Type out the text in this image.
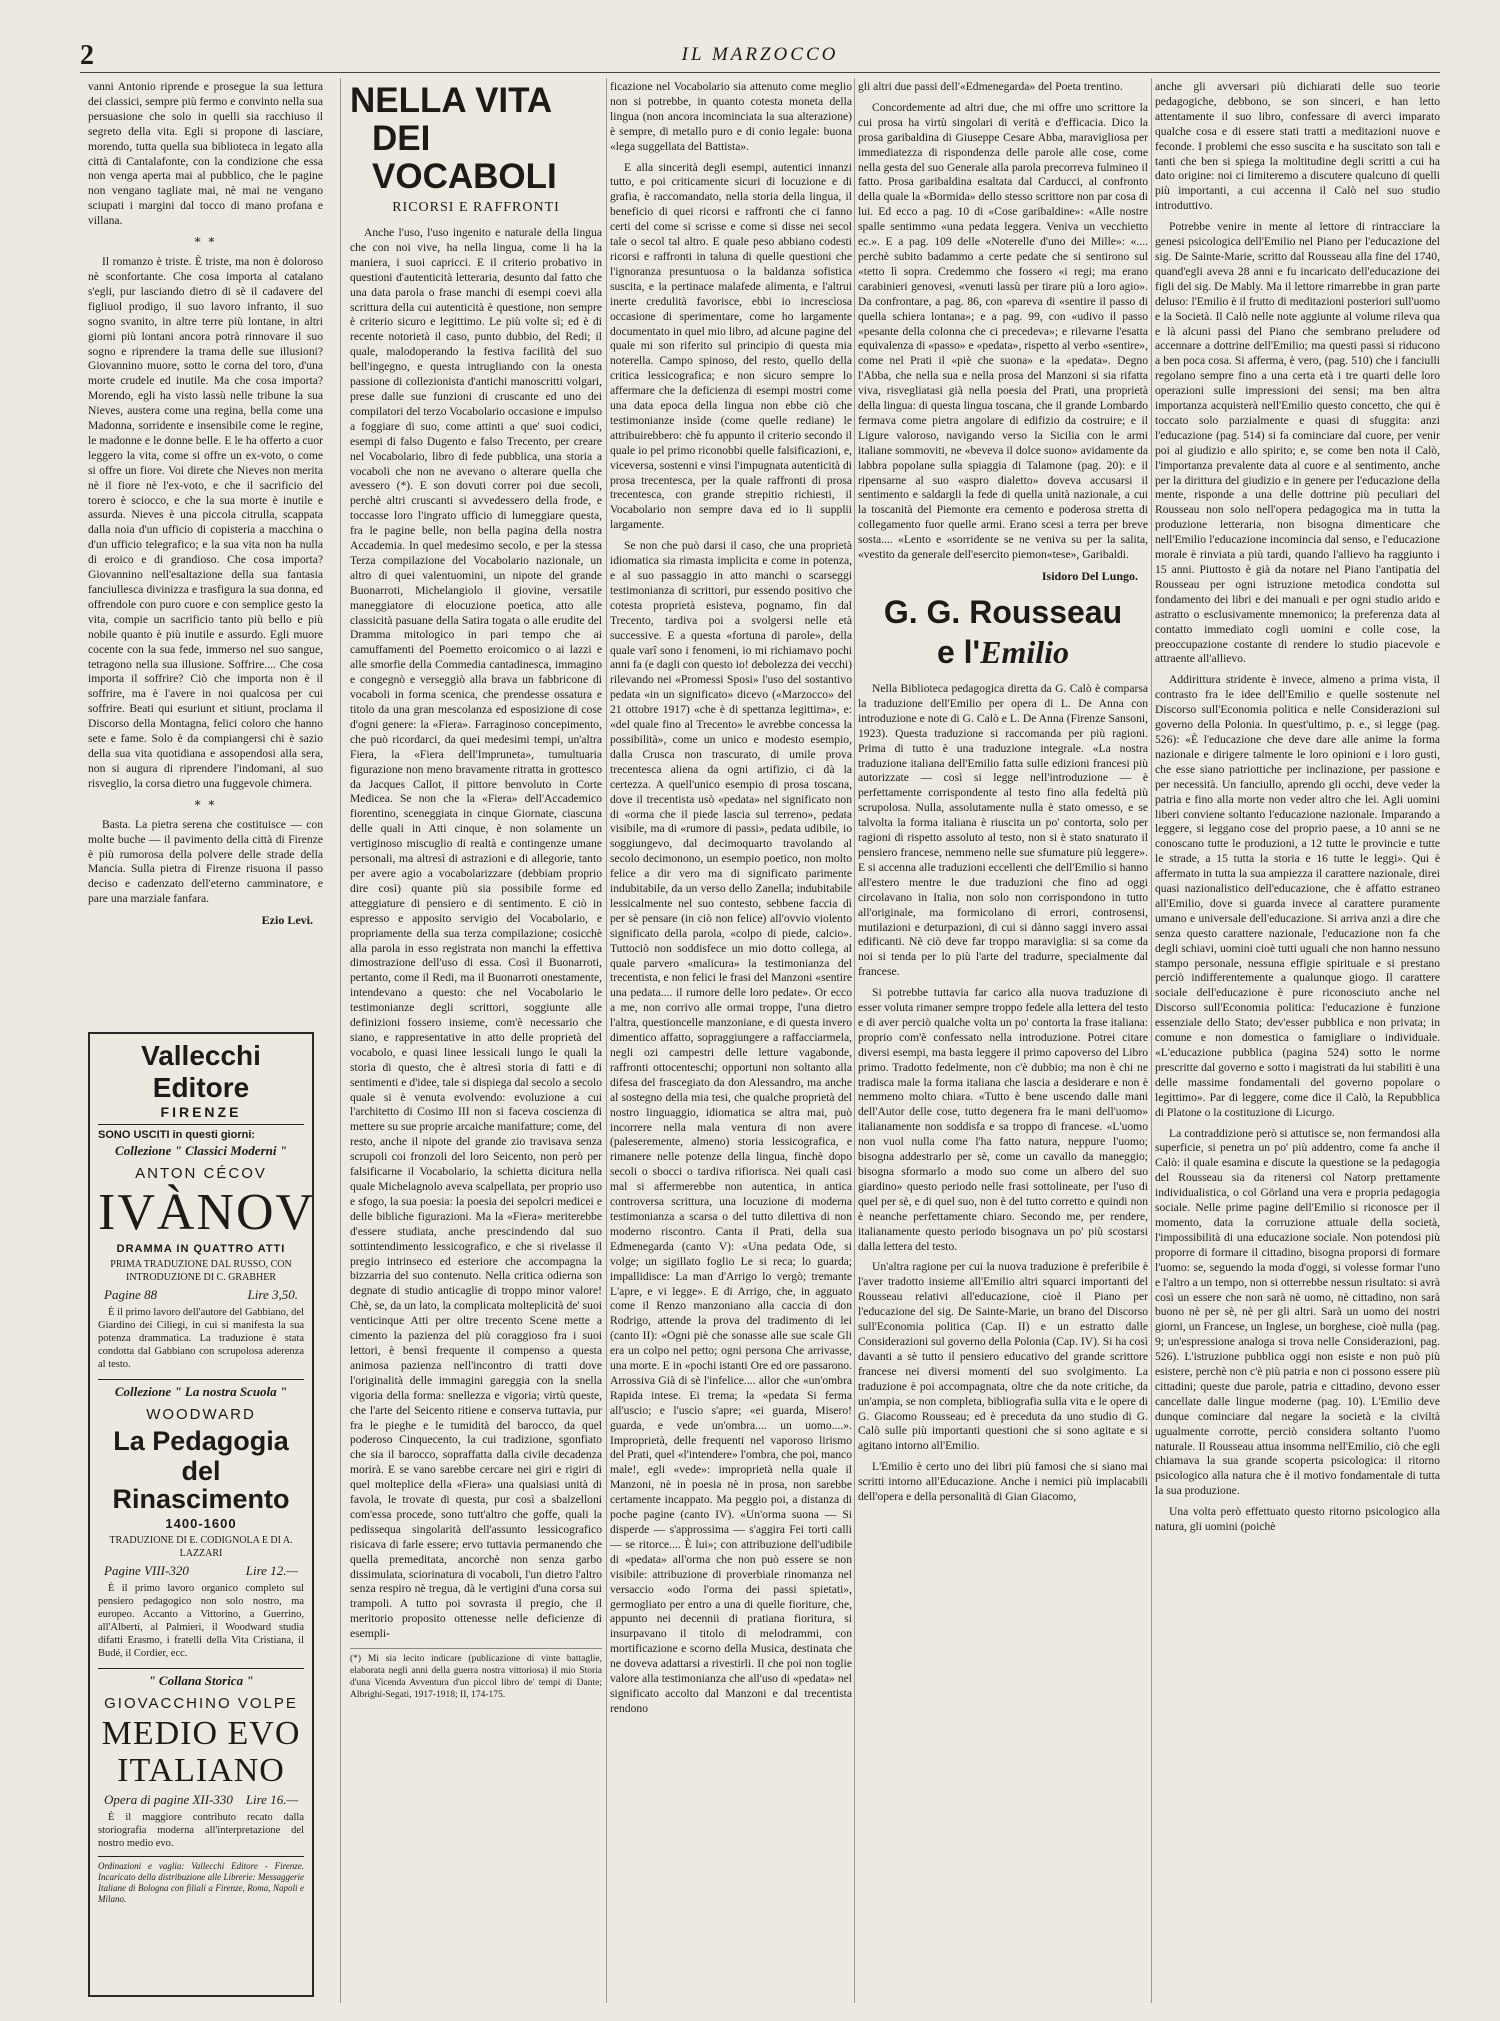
2	IL MARZOCCO

vanni Antonio riprende e prosegue la sua lettura dei classici, sempre più fermo e convinto nella sua persuasione che solo in quelli sia racchiuso il segreto della vita. Egli si propone di lasciare, morendo, tutta quella sua biblioteca in legato alla città di Cantalafonte, con la condizione che essa non venga aperta mai al pubblico, che le pagine non vengano tagliate mai, nè mai ne vengano sciupati i margini dal tocco di mano profana e villana.

* *

Il romanzo è triste. È triste, ma non è doloroso nè sconfortante. Che cosa importa al catalano s'egli, pur lasciando dietro di sè il cadavere del figliuol prodigo, il suo lavoro infranto, il suo sogno svanito, in altre terre più lontane, in altri giorni più lontani ancora potrà rinnovare il suo sogno e riprendere la trama delle sue illusioni? Giovannino muore, sotto le corna del toro, d'una morte crudele ed inutile. Ma che cosa importa? Morendo, egli ha visto lassù nelle tribune la sua Nieves, austera come una regina, bella come una Madonna, sorridente e insensibile come le regine, le madonne e le donne belle. E le ha offerto a cuor leggero la vita, come si offre un ex-voto, o come si offre un fiore. Voi direte che Nieves non merita nè il fiore nè l'ex-voto, e che il sacrificio del torero è sciocco, e che la sua morte è inutile e assurda. Nieves è una piccola citrulla, scappata dalla noia d'un ufficio di copisteria a macchina o d'un ufficio telegrafico; e la sua vita non ha nulla di eroico e di grandioso. Che cosa importa? Giovannino nell'esaltazione della sua fantasia fanciullesca divinizza e trasfigura la sua donna, ed offrendole con puro cuore e con semplice gesto la vita, compie un sacrificio tanto più bello e più nobile quanto è più inutile e assurdo. Egli muore cocente con la sua fede, immerso nel suo sangue, tetragono nella sua illusione. Soffrire.... Che cosa importa il soffrire? Ciò che importa non è il soffrire, ma è l'avere in noi qualcosa per cui soffrire. Beati qui esuriunt et sitiunt, proclama il Discorso della Montagna, felici coloro che hanno sete e fame. Solo è da compiangersi chi è sazio della sua vita quotidiana e assopendosi alla sera, non si augura di riprendere l'indomani, al suo risveglio, la corsa dietro una fuggevole chimera.

* *

Basta. La pietra serena che costituisce — con molte buche — il pavimento della città di Firenze è più rumorosa della polvere delle strade della Mancia. Sulla pietra di Firenze risuona il passo deciso e cadenzato dell'eterno camminatore, e pare una marziale fanfara.

Ezio Levi.
Vallecchi Editore
FIRENZE
SONO USCITI in questi giorni:
Collezione " Classici Moderni "
ANTON CÉCOV
IVÀNOV
DRAMMA IN QUATTRO ATTI
PRIMA TRADUZIONE DAL RUSSO, CON INTRODUZIONE DI C. GRABHER
Pagine 88	Lire 3,50.
È il primo lavoro dell'autore del Gabbiano, del Giardino dei Ciliegi, in cui si manifesta la sua potenza drammatica. La traduzione è stata condotta dal Gabbiano con scrupolosa aderenza al testo.
Collezione " La nostra Scuola "
WOODWARD
La Pedagogia
del Rinascimento
1400-1600
TRADUZIONE DI E. CODIGNOLA E DI A. LAZZARI
Pagine VIII-320	Lire 12.—
È il primo lavoro organico completo sul pensiero pedagogico non solo nostro, ma europeo. Accanto a Vittorino, a Guerrino, all'Alberti, al Palmieri, il Woodward studia difatti Erasmo, i fratelli della Vita Cristiana, il Budé, il Cordier, ecc.
" Collana Storica "
GIOVACCHINO VOLPE
MEDIO EVO
ITALIANO
Opera di pagine XII-330 Lire 16.—
È il maggiore contributo recato dalla storiografia moderna all'interpretazione del nostro medio evo.
Ordinazioni e vaglia: Vallecchi Editore - Firenze. Incaricato della distribuzione alle Librerie: Messaggerie Italiane di Bologna con filiali a Firenze, Roma, Napoli e Milano.
NELLA VITA
DEI VOCABOLI
RICORSI E RAFFRONTI

Anche l'uso, l'uso ingenito e naturale della lingua che con noi vive, ha nella lingua, come li ha la maniera, i suoi capricci. E il criterio probativo in questioni d'autenticità letteraria, desunto dal fatto che una data parola o frase manchi di esempi coevi alla scrittura della cui autenticità è questione, non sempre è criterio sicuro e legittimo. Le più volte sì; ed è di recente notorietà il caso, punto dubbio, del Redi; il quale, malodoperando la festiva facilità del suo bell'ingegno, e questa intrugliando con la onesta passione di collezionista d'antichi manoscritti volgari, prese dalle sue funzioni di cruscante ed uno dei compilatori del terzo Vocabolario occasione e impulso a foggiare di suo, come attinti a que' suoi codici, esempi di falso Dugento e falso Trecento, per creare nel Vocabolario, libro di fede pubblica, una storia a vocaboli che non ne avevano o alterare quella che avessero (*). E son dovuti correr poi due secoli, perchè altri cruscanti si avvedessero della frode, e toccasse loro l'ingrato ufficio di lumeggiare questa, fra le pagine belle, non bella pagina della nostra Accademia. In quel medesimo secolo, e per la stessa Terza compilazione del Vocabolario nazionale, un altro di quei valentuomini, un nipote del grande Buonarroti, Michelangiolo il giovine, versatile maneggiatore di elocuzione poetica, atto alle classicità pasuane della Satira togata o alle erudite del Dramma mitologico in pari tempo che ai camuffamenti del Poemetto eroicomico o ai lazzi e alle smorfie della Commedia cantadinesca, immagino e congegnò e verseggiò alla brava un fabbricone di vocaboli in forma scenica, che prendesse ossatura e titolo da una gran mescolanza ed esposizione di cose d'ogni genere: la «Fiera». Farraginoso concepimento, che può ricordarci, da quei medesimi tempi, un'altra Fiera, la «Fiera dell'Impruneta», tumultuaria figurazione non meno bravamente ritratta in grottesco da Jacques Callot, il pittore benvoluto in Corte Medicea. Se non che la «Fiera» dell'Accademico fiorentino, sceneggiata in cinque Giornate, ciascuna delle quali in Atti cinque, è non solamente un vertiginoso miscuglio di realtà e contingenze umane personali, ma altresì di astrazioni e di allegorie, tanto per avere agio a vocabolarizzare (debbiam proprio dire così) quante più sia possibile forme ed atteggiature di pensiero e di sentimento. E ciò in espresso e apposito servigio del Vocabolario, e propriamente della sua terza compilazione; cosicchè alla parola in esso registrata non manchi la effettiva dimostrazione dell'uso di essa. Così il Buonarroti, pertanto, come il Redi, ma il Buonarroti onestamente, intendevano a questo: che nel Vocabolario le testimonianze degli scrittori, soggiunte alle definizioni fossero insieme, com'è necessario che siano, e rappresentative in atto delle proprietà del vocabolo, e quasi linee lessicali lungo le quali la storia di questo, che è altresì storia di fatti e di sentimenti e d'idee, tale si dispiega dal secolo a secolo quale si è venuta evolvendo: evoluzione a cui l'architetto di Cosimo III non si faceva coscienza di mettere su sue proprie arcaiche manifatture; come, del resto, anche il nipote del grande zio travisava senza scrupoli coi fronzoli del loro Seicento, non però per falsificarne il Vocabolario, la schietta dicitura nella quale Michelagnolo aveva scalpellata, per proprio uso e sfogo, la sua poesia: la poesia dei sepolcri medicei e delle bibliche figurazioni. Ma la «Fiera» meriterebbe d'essere studiata, anche prescindendo dal suo sottintendimento lessicografico, e che si rivelasse il pregio intrinseco ed esteriore che accompagna la bizzarria del suo contenuto. Nella critica odierna son degnate di studio anticaglie di troppo minor valore! Chè, se, da un lato, la complicata molteplicità de' suoi venticinque Atti per oltre trecento Scene mette a cimento la pazienza del più coraggioso fra i suoi lettori, è bensì frequente il compenso a questa animosa pazienza nell'incontro di tratti dove l'originalità delle immagini gareggia con la snella vigoria della forma: snellezza e vigoria; virtù queste, che l'arte del Seicento ritiene e conserva tuttavia, pur fra le pieghe e le tumidità del barocco, da quel poderoso Cinquecento, la cui tradizione, sgonfiato che sia il barocco, sopraffatta dalla civile decadenza morirà. E se vano sarebbe cercare nei giri e rigiri di quel molteplice della «Fiera» una qualsiasi unità di favola, le trovate di questa, pur così a sbalzelloni com'essa procede, sono tutt'altro che goffe, quali la pedissequa singolarità dell'assunto lessicografico risicava di farle essere; ervo tuttavia permanendo che quella premeditata, ancorchè non senza garbo dissimulata, sciorinatura di vocaboli, l'un dietro l'altro senza respiro nè tregua, dà le vertigini d'una corsa sui trampoli. A tutto poi sovrasta il pregio, che il meritorio proposito ottenesse nelle deficienze di esempli-

(*) Mi sia lecito indicare (publicazione di vinte battaglie, elaborata negli anni della guerra nostra vittoriosa) il mio Storia d'una Vicenda Avventura d'un piccol libro de' tempi di Dante; Albrighi-Segati, 1917-1918; II, 174-175.

ficazione nel Vocabolario sia attenuto come meglio non si potrebbe, in quanto cotesta moneta della lingua (non ancora incominciata la sua alterazione) è sempre, di metallo puro e di conio legale: buona «lega suggellata del Battista».

E alla sincerità degli esempi, autentici innanzi tutto, e poi criticamente sicuri di locuzione e di grafia, è raccomandato, nella storia della lingua, il beneficio di quei ricorsi e raffronti che ci fanno certi del come si scrisse e come si disse nei secol tale o secol tal altro. E quale peso abbiano codesti ricorsi e raffronti in taluna di quelle questioni che l'ignoranza presuntuosa o la baldanza sofistica suscita, e la pertinace malafede alimenta, e l'altrui inerte credulità favorisce, ebbi io increscìosa occasione di sperimentare, come ho largamente documentato in quel mio libro, ad alcune pagine del quale mi son riferito sul principio di questa mia noterella. Campo spinoso, del resto, quello della critica lessicografica; e non sicuro sempre lo affermare che la deficienza di esempi mostri come una data epoca della lingua non ebbe ciò che testimonianze insìde (come quelle rediane) le attribuirebbero: chè fu appunto il criterio secondo il quale io pel primo riconobbi quelle falsificazioni, e, viceversa, sostenni e vinsi l'impugnata autenticità di prosa trecentesca, per la quale raffronti di prosa trecentesca, con grande strepitio richiesti, il Vocabolario non sempre dava ed io li supplii largamente.

Se non che può darsi il caso, che una proprietà idiomatica sia rimasta implicita e come in potenza, e al suo passaggio in atto manchi o scarseggi testimonianza di scrittori, pur essendo positivo che cotesta proprietà esisteva, pognamo, fin dal Trecento, tardiva poi a svolgersi nelle età successive. E a questa «fortuna di parole», della quale varî sono i fenomeni, io mi richiamavo pochi anni fa (e dagli con questo io! debolezza dei vecchi) rilevando nei «Promessi Sposi» l'uso del sostantivo pedata «in un significato» dicevo («Marzocco» del 21 ottobre 1917) «che è di spettanza legittima», e: «del quale fino al Trecento» le avrebbe concessa la possibilità», come un unico e modesto esempio, dalla Crusca non trascurato, di umile prova trecentesca aliena da ogni artifizio, ci dà la certezza. A quell'unico esempio di prosa toscana, dove il trecentista usò «pedata» nel significato non di «orma che il piede lascia sul terreno», pedata visibile, ma di «rumore di passi», pedata udibile, io soggiungevo, dal decimoquarto travolando al secolo decimonono, un esempio poetico, non molto felice a dir vero ma di significato parimente indubitabile, da un verso dello Zanella; indubitabile lessicalmente nel suo contesto, sebbene faccia dì per sè pensare (in ciò non felice) all'ovvio violento significato della parola, «colpo di piede, calcio». Tuttociò non soddisfece un mio dotto collega, al quale parvero «malicura» la testimonianza del trecentista, e non felici le frasi del Manzoni «sentire una pedata.... il rumore delle loro pedate». Or ecco a me, non corrivo alle ormai troppe, l'una dietro l'altra, questioncelle manzoniane, e di questa invero dimentico affatto, sopraggiungere a raffacciarmela, negli ozi campestri delle letture vagabonde, raffronti ottocenteschi; opportuni non soltanto alla difesa del frascegiato da don Alessandro, ma anche al sostegno della mia tesi, che qualche proprietà del nostro linguaggio, idiomatica se altra mai, può incorrere nella mala ventura di non avere (paleseremente, almeno) storia lessicografica, e rimanere nelle potenze della lingua, finchè dopo secoli o sbocci o tardiva rifiorisca. Nei quali casi mal si affermerebbe non autentica, in antica controversa scrittura, una locuzione di moderna testimonianza a scarsa o del tutto dilettiva di non moderno riscontro. Canta il Prati, della sua Edmenegarda (canto V): «Una pedata Ode, si volge; un sigillato foglio Le si reca; lo guarda; impallidisce: La man d'Arrigo lo vergò; tremante L'apre, e vi legge». E di Arrigo, che, in agguato come il Renzo manzoniano alla caccia di don Rodrigo, attende la prova del tradimento di lei (canto II): «Ogni piè che sonasse alle sue scale Gli era un colpo nel petto; ogni persona Che arrivasse, una morte. E in «pochi istanti Ore ed ore passarono. Arrossiva Già di sè l'infelice.... allor che «un'ombra Rapida intese. Ei trema; la «pedata Si ferma all'uscio; e l'uscio s'apre; «ei guarda, Misero! guarda, e vede un'ombra.... un uomo....». Improprietà, delle frequenti nel vaporoso lirismo del Prati, quel «l'intendere» l'ombra, che poi, manco male!, egli «vede»: improprietà nella quale il Manzoni, nè in poesia nè in prosa, non sarebbe certamente incappato. Ma peggio poi, a distanza di poche pagine (canto IV). «Un'orma suona — Si disperde — s'approssima — s'aggira Fei torti calli — se ritorce.... È lui»; con attribuzione dell'udibile di «pedata» all'orma che non può essere se non visibile: attribuzione di proverbiale rinomanza nel versaccio «odo l'orma dei passi spietati», germogliato per entro a una di quelle fioriture, che, appunto nei decennii di pratiana fioritura, si insurpavano il titolo di melodrammi, con mortificazione e scorno della Musica, destinata che ne doveva adattarsi a rivestirli. Il che poi non toglie valore alla testimonianza che all'uso di «pedata» nel significato accolto dal Manzoni e dal trecentista rendono

gli altri due passi dell'«Edmenegarda» del Poeta trentino.

Concordemente ad altri due, che mi offre uno scrittore la cui prosa ha virtù singolari di verità e d'efficacia. Dico la prosa garibaldina di Giuseppe Cesare Abba, maravigliosa per immediatezza di rispondenza delle parole alle cose, come nella gesta del suo Generale alla parola precorreva fulmineo il fatto. Prosa garibaldina esaltata dal Carducci, al confronto della quale la «Bormida» dello stesso scrittore non par cosa di lui. Ed ecco a pag. 10 di «Cose garibaldine»: «Alle nostre spalle sentimmo «una pedata leggera. Veniva un vecchietto ec.». E a pag. 109 delle «Noterelle d'uno dei Mille»: «.... perchè subito badammo a certe pedate che si sentirono sul «tetto lì sopra. Credemmo che fossero «i regi; ma erano carabinieri genovesi, «venuti lassù per tirare più a loro agio». Da confrontare, a pag. 86, con «pareva di «sentire il passo di quella schiera lontana»; e a pag. 99, con «udivo il passo «pesante della colonna che ci precedeva»; e rilevarne l'esatta equivalenza di «passo» e «pedata», rispetto al verbo «sentire», come nel Prati il «piè che suona» e la «pedata». Degno l'Abba, che nella sua e nella prosa del Manzoni si sia rifatta viva, risvegliatasi già nella poesia del Prati, una proprietà della lingua: di questa lingua toscana, che il grande Lombardo fermava come pietra angolare di edifizio da costruire; e il Ligure valoroso, navigando verso la Sicilia con le armi italiane sommoviti, ne «beveva il dolce suono» avidamente da labbra popolane sulla spiaggia di Talamone (pag. 20): e il ripensarne al suo «aspro dialetto» doveva accusarsi il sentimento e saldargli la fede di quella unità nazionale, a cui la toscanità del Piemonte era cemento e poderosa stretta di collegamento fuor quelle armi. Erano scesi a terra per breve sosta.... «Lento e «sorridente se ne veniva su per la salita, «vestito da generale dell'esercito piemon«tese», Garibaldi.

Isidoro Del Lungo.
G. G. Rousseau
e l'Emilio

Nella Biblioteca pedagogica diretta da G. Calò è comparsa la traduzione dell'Emilio per opera di L. De Anna con introduzione e note di G. Calò e L. De Anna (Firenze Sansoni, 1923). Questa traduzione si raccomanda per più ragioni. Prima di tutto è una traduzione integrale. «La nostra traduzione italiana dell'Emilio fatta sulle edizioni francesi più autorizzate — così si legge nell'introduzione — è perfettamente corrispondente al testo fino alla fedeltà più scrupolosa. Nulla, assolutamente nulla è stato omesso, e se talvolta la forma italiana è riuscita un po' contorta, solo per ragioni di rispetto assoluto al testo, non si è stato snaturato il pensiero francese, nemmeno nelle sue sfumature più leggere». E si accenna alle traduzioni eccellenti che dell'Emilio si hanno all'estero mentre le due traduzioni che fino ad oggi circolavano in Italia, non solo non corrispondono in tutto all'originale, ma formicolano di errori, controsensi, mutilazioni e deturpazioni, di cui si dànno saggi invero assai edificanti. Nè ciò deve far troppo maraviglia: si sa come da noi si tenda per lo più l'arte del tradurre, specialmente dal francese.

Si potrebbe tuttavia far carico alla nuova traduzione di esser voluta rimaner sempre troppo fedele alla lettera del testo e di aver perciò qualche volta un po' contorta la frase italiana: proprio com'è confessato nella introduzione. Potrei citare diversi esempi, ma basta leggere il primo capoverso del Libro primo. Tradotto fedelmente, non c'è dubbio; ma non è chi ne tradisca male la forma italiana che lascia a desiderare e non è nemmeno molto chiara. «Tutto è bene uscendo dalle mani dell'Autor delle cose, tutto degenera fra le mani dell'uomo» italianamente non soddisfa e sa troppo di francese. «L'uomo non vuol nulla come l'ha fatto natura, neppure l'uomo; bisogna addestrarlo per sè, come un cavallo da maneggio; bisogna sformarlo a modo suo come un albero del suo giardino» questo periodo nelle frasi sottolineate, per l'uso di quel per sè, e di quel suo, non è del tutto corretto e quindi non è neanche perfettamente chiaro. Secondo me, per rendere, italianamente questo periodo bisognava un po' più scostarsi dalla lettera del testo.

Un'altra ragione per cui la nuova traduzione è preferibile è l'aver tradotto insieme all'Emilio altri squarci importanti del Rousseau relativi all'educazione, cioè il Piano per l'educazione del sig. De Sainte-Marie, un brano del Discorso sull'Economia politica (Cap. II) e un estratto dalle Considerazioni sul governo della Polonia (Cap. IV). Si ha così davanti a sè tutto il pensiero educativo del grande scrittore francese nei diversi momenti del suo svolgimento. La traduzione è poi accompagnata, oltre che da note critiche, da un'ampia, se non completa, bibliografia sulla vita e le opere di G. Giacomo Rousseau; ed è preceduta da uno studio di G. Calò sulle più importanti questioni che si sono agitate e si agitano intorno all'Emilio.

L'Emilio è certo uno dei libri più famosi che si siano mai scritti intorno all'Educazione. Anche i nemici più implacabili dell'opera e della personalità di Gian Giacomo,

anche gli avversari più dichiarati delle suo teorie pedagogiche, debbono, se son sinceri, e han letto attentamente il suo libro, confessare di averci imparato qualche cosa e di essere stati tratti a meditazioni nuove e feconde. I problemi che esso suscita e ha suscitato son tali e tanti che ben si spiega la moltitudine degli scritti a cui ha dato origine: noi ci limiteremo a discutere qualcuno di quelli più importanti, a cui accenna il Calò nel suo studio introduttivo.

Potrebbe venire in mente al lettore di rintracciare la genesi psicologica dell'Emilio nel Piano per l'educazione del sig. De Sainte-Marie, scritto dal Rousseau alla fine del 1740, quand'egli aveva 28 anni e fu incaricato dell'educazione dei figli del sig. De Mably. Ma il lettore rimarrebbe in gran parte deluso: l'Emilio è il frutto di meditazioni posteriori sull'uomo e la Società. Il Calò nelle note aggiunte al volume rileva qua e là alcuni passi del Piano che sembrano preludere od accennare a dottrine dell'Emilio; ma questi passi si riducono a ben poca cosa. Si afferma, è vero, (pag. 510) che i fanciulli regolano sempre fino a una certa età i tre quarti delle loro operazioni sulle impressioni dei sensi; ma ben altra importanza acquisterà nell'Emilio questo concetto, che qui è toccato solo parzialmente e quasi di sfuggita: anzi l'educazione (pag. 514) si fa cominciare dal cuore, per venir poi al giudizio e allo spirito; e, se come ben nota il Calò, l'importanza prevalente data al cuore e al sentimento, anche per la dirittura del giudizio e in genere per l'educazione della mente, risponde a una delle dottrine più peculiari del Rousseau non solo nell'opera pedagogica ma in tutta la produzione letteraria, non bisogna dimenticare che nell'Emilio l'educazione incomincia dal senso, e l'educazione morale è rinviata a più tardi, quando l'allievo ha raggiunto i 15 anni. Piuttosto è già da notare nel Piano l'antipatia del Rousseau per ogni istruzione metodica condotta sul fondamento dei libri e dei manuali e per ogni studio arido e astratto o esclusivamente mnemonico; la preferenza data al contatto immediato cogli uomini e colle cose, la preoccupazione costante di rendere lo studio piacevole e attraente all'allievo.

Addirittura stridente è invece, almeno a prima vista, il contrasto fra le idee dell'Emilio e quelle sostenute nel Discorso sull'Economia politica e nelle Considerazioni sul governo della Polonia. In quest'ultimo, p. e., si legge (pag. 526): «È l'educazione che deve dare alle anime la forma nazionale e dirigere talmente le loro opinioni e i loro gusti, che esse siano patriottiche per inclinazione, per passione e per necessità. Un fanciullo, aprendo gli occhi, deve veder la patria e fino alla morte non veder altro che lei. Agli uomini liberi conviene soltanto l'educazione nazionale. Imparando a leggere, si leggano cose del proprio paese, a 10 anni se ne conoscano tutte le produzioni, a 12 tutte le provincie e tutte le strade, a 15 tutta la storia e 16 tutte le leggi». Qui è affermato in tutta la sua ampiezza il carattere nazionale, direi quasi nazionalistico dell'educazione, che è affatto estraneo all'Emilio, dove si guarda invece al carattere puramente umano e universale dell'educazione. Si arriva anzi a dire che senza questo carattere nazionale, l'educazione non fa che degli schiavi, uomini cioè tutti uguali che non hanno nessuno stampo personale, nessuna effigie spirituale e si prestano perciò indifferentemente a qualunque giogo. Il carattere sociale dell'educazione è pure riconosciuto anche nel Discorso sull'Economia politica: l'educazione è funzione essenziale dello Stato; dev'esser pubblica e non privata; in comune e non domestica o famigliare o individuale. «L'educazione pubblica (pagina 524) sotto le norme prescritte dal governo e sotto i magistrati da lui stabiliti è una delle massime fondamentali del governo popolare o legittimo». Par di leggere, come dice il Calò, la Repubblica di Platone o la costituzione di Licurgo.

La contraddizione però si attutisce se, non fermandosi alla superficie, si penetra un po' più addentro, come fa anche il Calò: il quale esamina e discute la questione se la pedagogia del Rousseau sia da ritenersi col Natorp prettamente individualistica, o col Görland una vera e propria pedagogia sociale. Nelle prime pagine dell'Emilio si riconosce per il momento, data la corruzione attuale della società, l'impossibilità di una educazione sociale. Non potendosi più proporre di formare il cittadino, bisogna proporsi di formare l'uomo: se, seguendo la moda d'oggi, si volesse formar l'uno e l'altro a un tempo, non si otterrebbe nessun risultato: si avrà così un essere che non sarà nè uomo, nè cittadino, non sarà buono nè per sè, nè per gli altri. Sarà un uomo dei nostri giorni, un Francese, un Inglese, un borghese, cioè nulla (pag. 9; un'espressione analoga si trova nelle Considerazioni, pag. 526). L'istruzione pubblica oggi non esiste e non può più esistere, perchè non c'è più patria e non ci possono essere più cittadini; queste due parole, patria e cittadino, devono esser cancellate dalle lingue moderne (pag. 10). L'Emilio deve dunque cominciare dal negare la società e la civiltà ugualmente corrotte, perciò considera soltanto l'uomo naturale. Il Rousseau attua insomma nell'Emilio, ciò che egli chiamava la sua grande scoperta psicologica: il ritorno psicologico alla natura che è il motivo fondamentale di tutta la sua produzione.

Una volta però effettuato questo ritorno psicologico alla natura, gli uomini (poichè
